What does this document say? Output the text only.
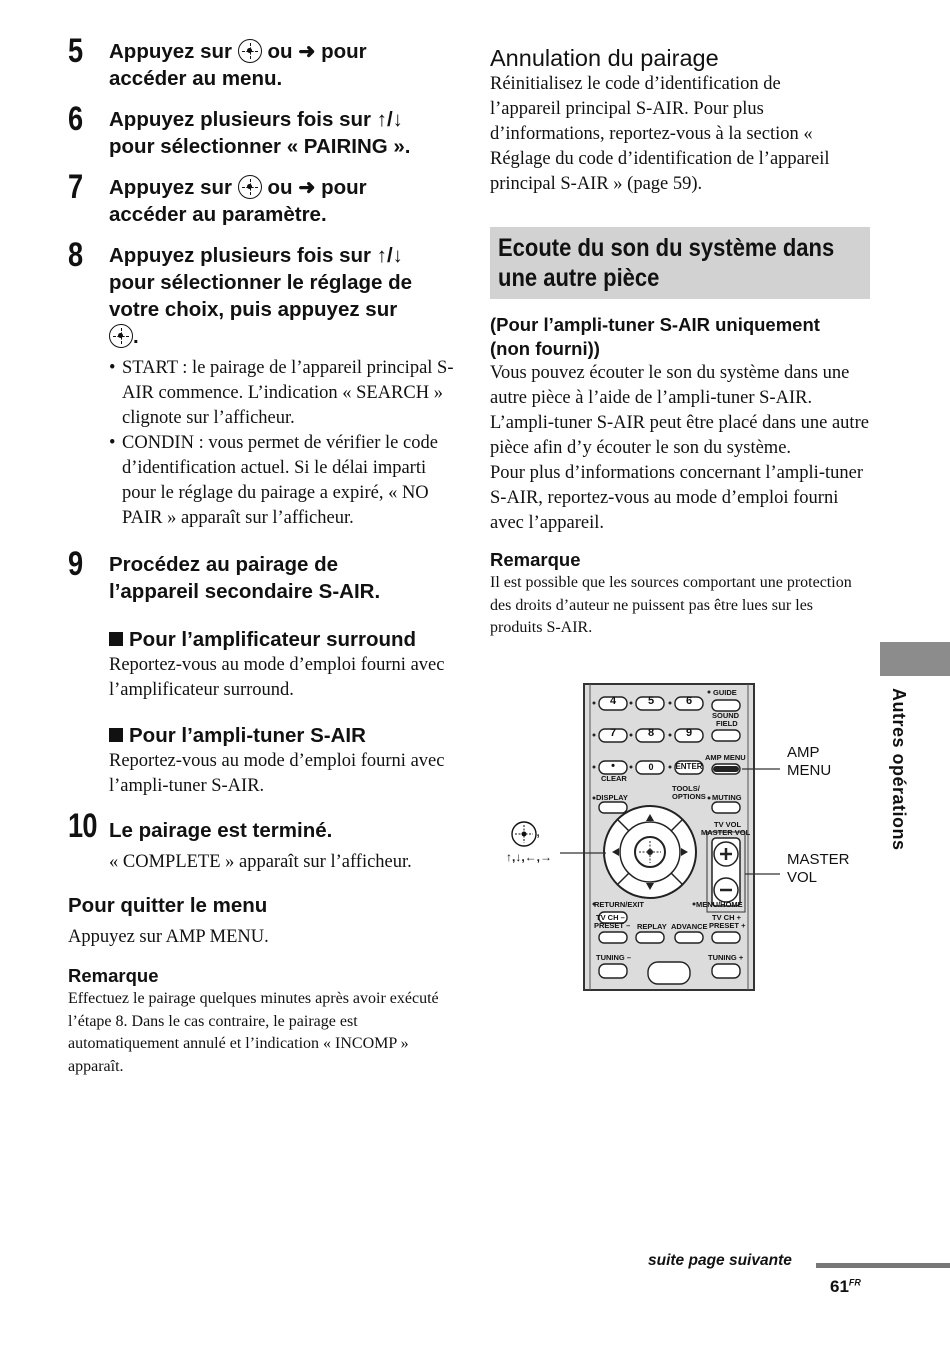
5 Appuyez sur ou ➜ pour
accéder au menu.
6 Appuyez plusieurs fois sur ↑/↓
pour sélectionner « PAIRING ».
7 Appuyez sur ou ➜ pour
accéder au paramètre.
8 Appuyez plusieurs fois sur ↑/↓
pour sélectionner le réglage de
votre choix, puis appuyez sur

.
• START : le pairage de l’appareil principal S-AIR commence. L’indication « SEARCH » clignote sur l’afficheur.
• CONDIN : vous permet de vérifier le code d’identification actuel. Si le délai imparti pour le réglage du pairage a expiré, « NO PAIR » apparaît sur l’afficheur.
9 Procédez au pairage de
l’appareil secondaire S-AIR.
Pour l’amplificateur surround
Reportez-vous au mode d’emploi fourni avec l’amplificateur surround.
Pour l’ampli-tuner S-AIR
Reportez-vous au mode d’emploi fourni avec l’ampli-tuner S-AIR.
10 Le pairage est terminé.
« COMPLETE » apparaît sur l’afficheur.
Pour quitter le menu
Appuyez sur AMP MENU.
Remarque
Effectuez le pairage quelques minutes après avoir exécuté l’étape 8. Dans le cas contraire, le pairage est automatiquement annulé et l’indication « INCOMP » apparaît.
Annulation du pairage
Réinitialisez le code d’identification de l’appareil principal S-AIR. Pour plus d’informations, reportez-vous à la section « Réglage du code d’identification de l’appareil principal S-AIR » (page 59).
Ecoute du son du système dans
une autre pièce
(Pour l’ampli-tuner S-AIR uniquement (non fourni))
Vous pouvez écouter le son du système dans une autre pièce à l’aide de l’ampli-tuner S-AIR. L’ampli-tuner S-AIR peut être placé dans une autre pièce afin d’y écouter le son du système.
Pour plus d’informations concernant l’ampli-tuner S-AIR, reportez-vous au mode d’emploi fourni avec l’appareil.
Remarque
Il est possible que les sources comportant une protection des droits d’auteur ne puissent pas être lues sur les produits S-AIR.
4	5	6
7	8	9
•	0	ENTER
GUIDE
SOUND
FIELD
AMP MENU
CLEAR
TOOLS/
OPTIONS
DISPLAY	MUTING
TV VOL
MASTER VOL
RETURN/EXIT	MENU/HOME
TV CH –
PRESET – REPLAY ADVANCE
TV CH +
PRESET +
TUNING –	TUNING +
,
↑,↓,←,→
AMP
MENU
MASTER
VOL
Autres opérations
suite page suivante
$61^{FR}$
